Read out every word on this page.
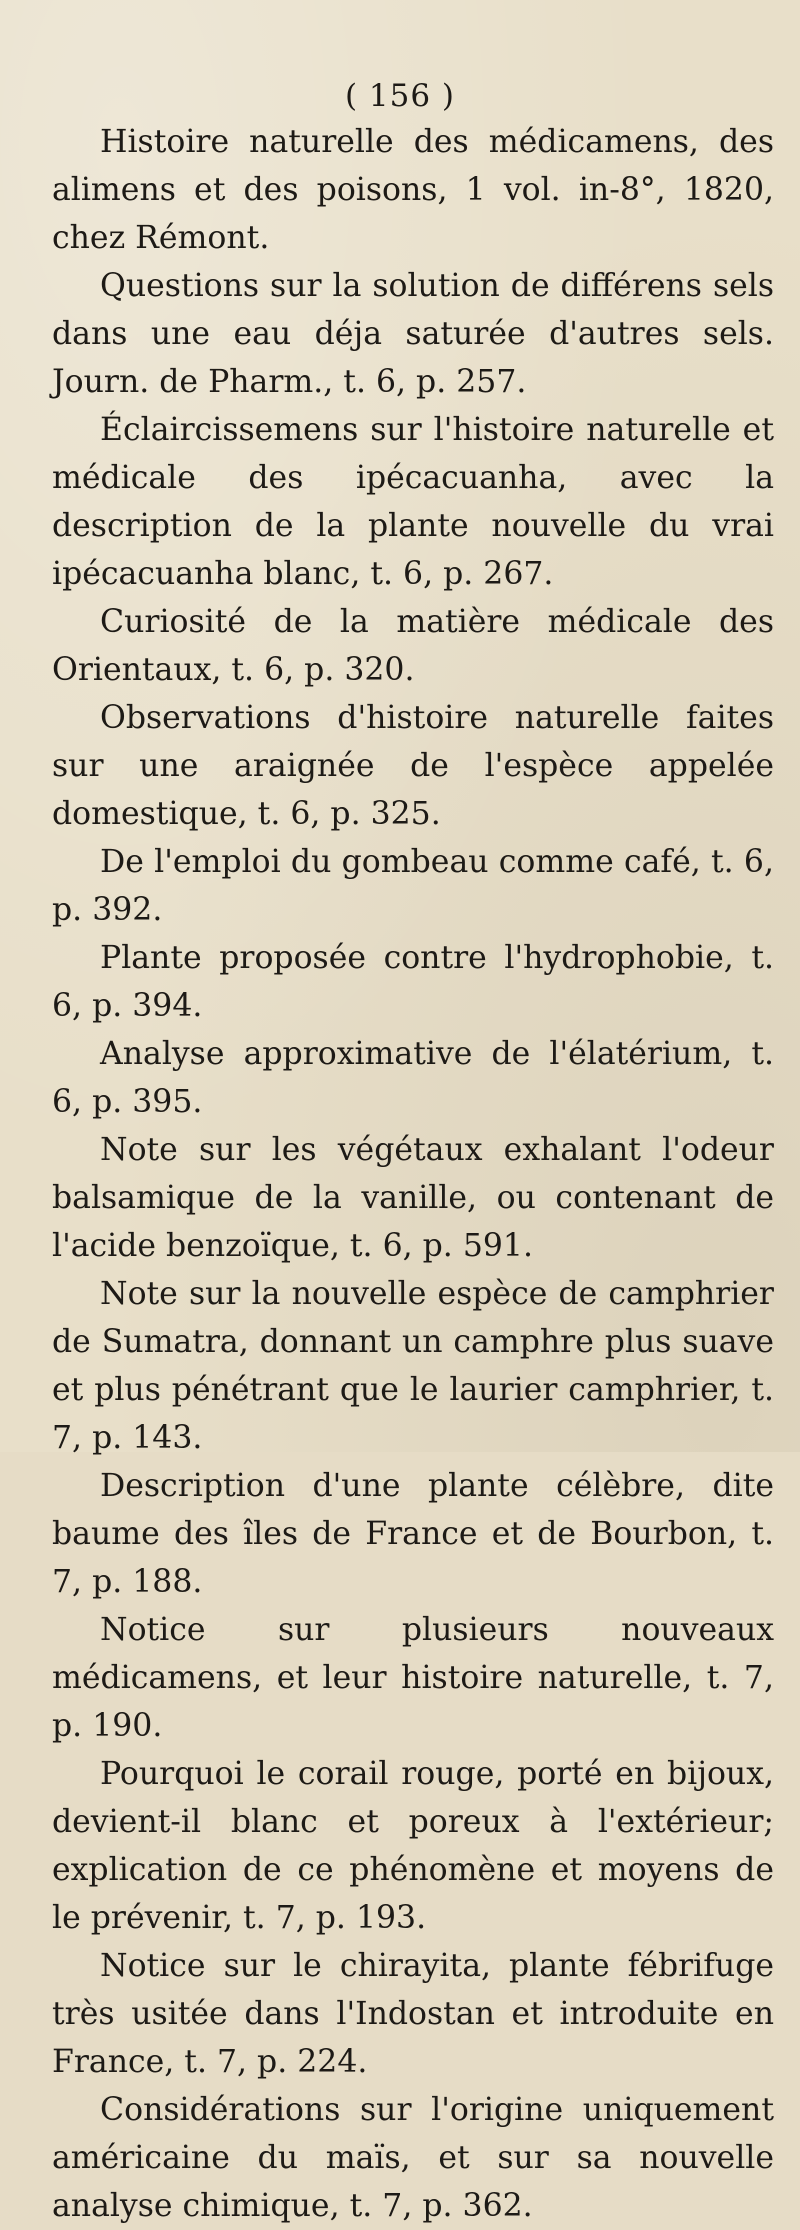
( 156 )

Histoire naturelle des médicamens, des alimens et des poisons, 1 vol. in-8°, 1820, chez Rémont.

Questions sur la solution de différens sels dans une eau déja saturée d'autres sels. Journ. de Pharm., t. 6, p. 257.

Éclaircissemens sur l'histoire naturelle et médicale des ipécacuanha, avec la description de la plante nouvelle du vrai ipécacuanha blanc, t. 6, p. 267.

Curiosité de la matière médicale des Orientaux, t. 6, p. 320.

Observations d'histoire naturelle faites sur une araignée de l'espèce appelée domestique, t. 6, p. 325.

De l'emploi du gombeau comme café, t. 6, p. 392.

Plante proposée contre l'hydrophobie, t. 6, p. 394.

Analyse approximative de l'élatérium, t. 6, p. 395.

Note sur les végétaux exhalant l'odeur balsamique de la vanille, ou contenant de l'acide benzoïque, t. 6, p. 591.

Note sur la nouvelle espèce de camphrier de Sumatra, donnant un camphre plus suave et plus pénétrant que le laurier camphrier, t. 7, p. 143.

Description d'une plante célèbre, dite baume des îles de France et de Bourbon, t. 7, p. 188.

Notice sur plusieurs nouveaux médicamens, et leur histoire naturelle, t. 7, p. 190.

Pourquoi le corail rouge, porté en bijoux, devient-il blanc et poreux à l'extérieur; explication de ce phénomène et moyens de le prévenir, t. 7, p. 193.

Notice sur le chirayita, plante fébrifuge très usitée dans l'Indostan et introduite en France, t. 7, p. 224.

Considérations sur l'origine uniquement américaine du maïs, et sur sa nouvelle analyse chimique, t. 7, p. 362.
